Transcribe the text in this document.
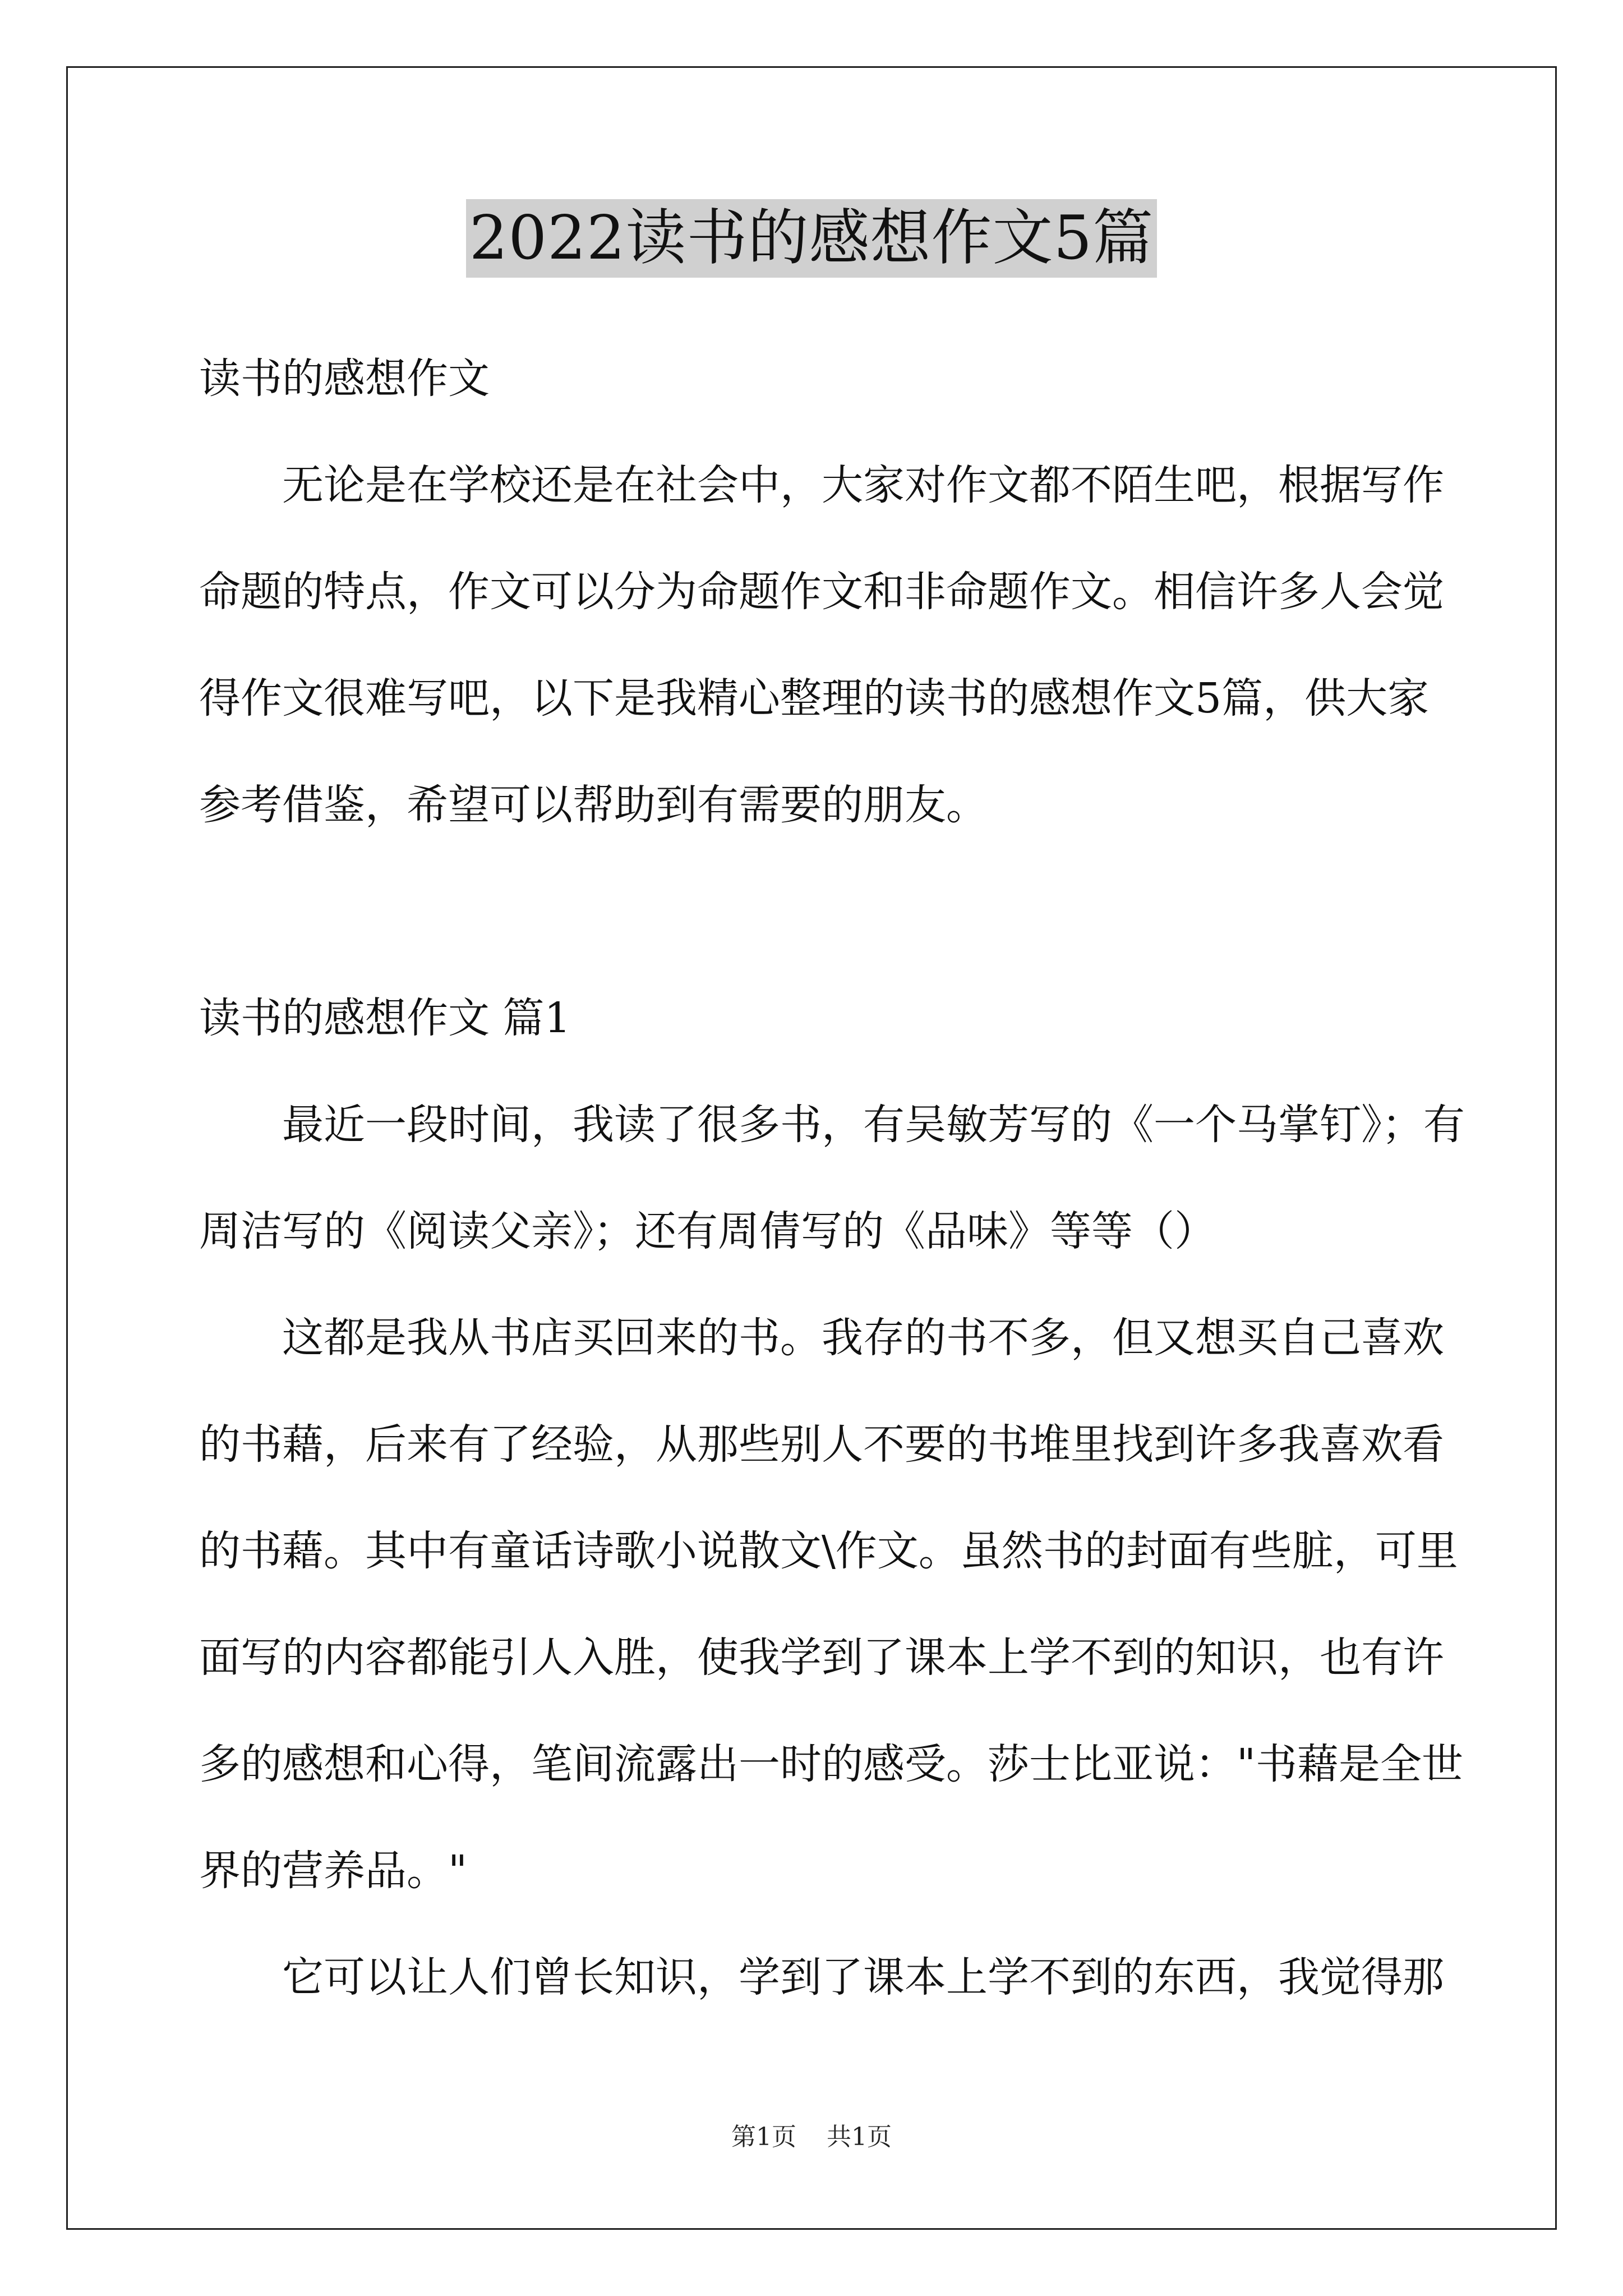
2022读书的感想作文5篇
读书的感想作文
无论是在学校还是在社会中，大家对作文都不陌生吧，根据写作
命题的特点，作文可以分为命题作文和非命题作文。相信许多人会觉
得作文很难写吧，以下是我精心整理的读书的感想作文5篇，供大家
参考借鉴，希望可以帮助到有需要的朋友。
读书的感想作文 篇1
最近一段时间，我读了很多书，有吴敏芳写的《一个马掌钉》；有
周洁写的《阅读父亲》；还有周倩写的《品味》等等（）
这都是我从书店买回来的书。我存的书不多，但又想买自己喜欢
的书藉，后来有了经验，从那些别人不要的书堆里找到许多我喜欢看
的书藉。其中有童话诗歌小说散文\作文。虽然书的封面有些脏，可里
面写的内容都能引人入胜，使我学到了课本上学不到的知识，也有许
多的感想和心得，笔间流露出一时的感受。莎士比亚说："书藉是全世
界的营养品。"
它可以让人们曾长知识，学到了课本上学不到的东西，我觉得那
第1页 共1页
